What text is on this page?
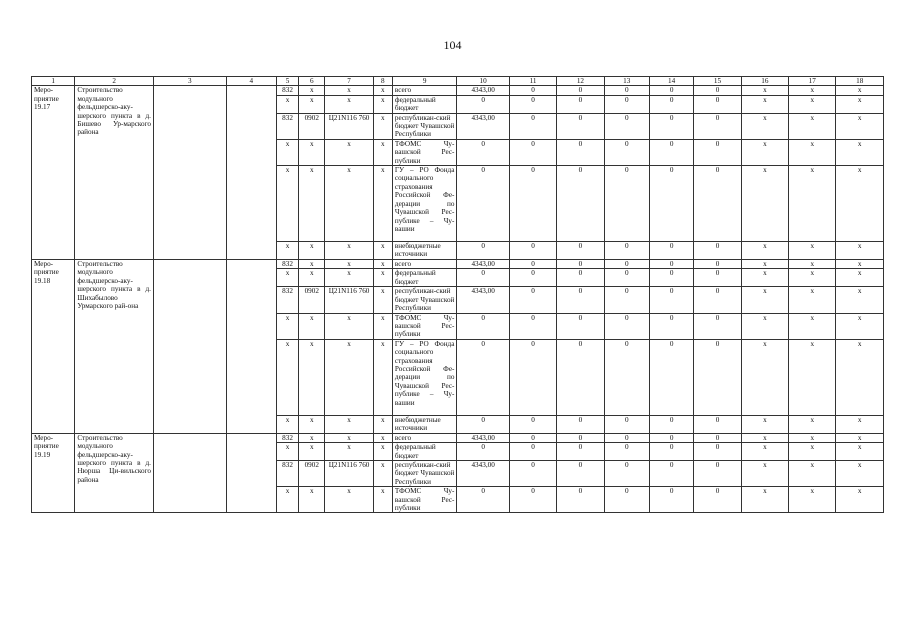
104
1	2	3	4	5	6	7	8	9	10	11	12	13	14	15	16	17	18
Меро-
приятие
19.17	Строительство модульного фельдшерско-аку-шерского пункта в д. Бишево Ур-марского района			832	x	x	x	всего	4343,00	0	0	0	0	0	x	x	x
				x	x	x	x	федеральный бюджет	0	0	0	0	0	0	x	x	x
				832	0902	Ц21N116 760	x	республикан-ский бюджет Чувашской Республики	4343,00	0	0	0	0	0	x	x	x
				x	x	x	x	ТФОМС Чу-вашской Рес-публики	0	0	0	0	0	0	x	x	x
				x	x	x	x	ГУ – РО Фонда социального страхования Российской Фе-дерации по Чувашской Рес-публике – Чу-вашии	0	0	0	0	0	0	x	x	x
				x	x	x	x	внебюджетные источники	0	0	0	0	0	0	x	x	x
Меро-
приятие
19.18	Строительство модульного фельдшерско-аку-шерского пункта в д. Шихабылово Урмарского рай-она			832	x	x	x	всего	4343,00	0	0	0	0	0	x	x	x
				x	x	x	x	федеральный бюджет	0	0	0	0	0	0	x	x	x
				832	0902	Ц21N116 760	x	республикан-ский бюджет Чувашской Республики	4343,00	0	0	0	0	0	x	x	x
				x	x	x	x	ТФОМС Чу-вашской Рес-публики	0	0	0	0	0	0	x	x	x
				x	x	x	x	ГУ – РО Фонда социального страхования Российской Фе-дерации по Чувашской Рес-публике – Чу-вашии	0	0	0	0	0	0	x	x	x
				x	x	x	x	внебюджетные источники	0	0	0	0	0	0	x	x	x
Меро-
приятие
19.19	Строительство модульного фельдшерско-аку-шерского пункта в д. Нюрша Ци-вильского района			832	x	x	x	всего	4343,00	0	0	0	0	0	x	x	x
				x	x	x	x	федеральный бюджет	0	0	0	0	0	0	x	x	x
				832	0902	Ц21N116 760	x	республикан-ский бюджет Чувашской Республики	4343,00	0	0	0	0	0	x	x	x
				x	x	x	x	ТФОМС Чу-вашской Рес-публики	0	0	0	0	0	0	x	x	x
